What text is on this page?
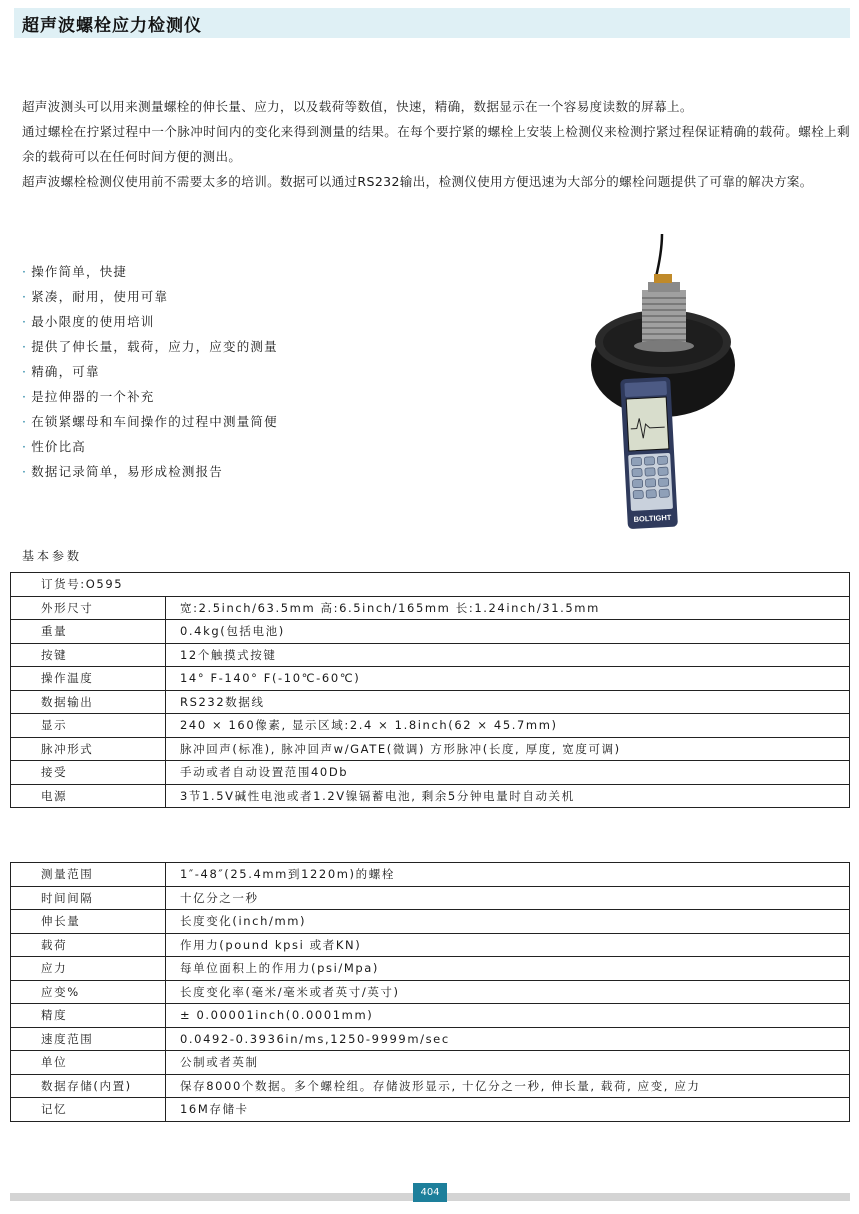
超声波螺栓应力检测仪

超声波测头可以用来测量螺栓的伸长量、应力，以及载荷等数值，快速，精确，数据显示在一个容易度读数的屏幕上。

通过螺栓在拧紧过程中一个脉冲时间内的变化来得到测量的结果。在每个要拧紧的螺栓上安装上检测仪来检测拧紧过程保证精确的载荷。螺栓上剩余的载荷可以在任何时间方便的测出。

超声波螺栓检测仪使用前不需要太多的培训。数据可以通过RS232输出，检测仪使用方便迅速为大部分的螺栓问题提供了可靠的解决方案。

· 操作简单，快捷
· 紧凑，耐用，使用可靠
· 最小限度的使用培训
· 提供了伸长量，载荷，应力，应变的测量
· 精确，可靠
· 是拉伸器的一个补充
· 在锁紧螺母和车间操作的过程中测量简便
· 性价比高
· 数据记录简单，易形成检测报告
BOLTIGHT
基本参数
订货号:O595	
外形尺寸	宽:2.5inch/63.5mm 高:6.5inch/165mm 长:1.24inch/31.5mm
重量	0.4kg(包括电池)
按键	12个触摸式按键
操作温度	14° F-140° F(-10℃-60℃)
数据输出	RS232数据线
显示	240 × 160像素, 显示区域:2.4 × 1.8inch(62 × 45.7mm)
脉冲形式	脉冲回声(标准), 脉冲回声w/GATE(微调) 方形脉冲(长度, 厚度, 宽度可调)
接受	手动或者自动设置范围40Db
电源	3节1.5V碱性电池或者1.2V镍镉蓄电池, 剩余5分钟电量时自动关机
测量范围	1″-48″(25.4mm到1220m)的螺栓
时间间隔	十亿分之一秒
伸长量	长度变化(inch/mm)
载荷	作用力(pound kpsi 或者KN)
应力	每单位面积上的作用力(psi/Mpa)
应变%	长度变化率(毫米/毫米或者英寸/英寸)
精度	± 0.00001inch(0.0001mm)
速度范围	0.0492-0.3936in/ms,1250-9999m/sec
单位	公制或者英制
数据存储(内置)	保存8000个数据。多个螺栓组。存储波形显示, 十亿分之一秒, 伸长量, 载荷, 应变, 应力
记忆	16M存储卡
404
